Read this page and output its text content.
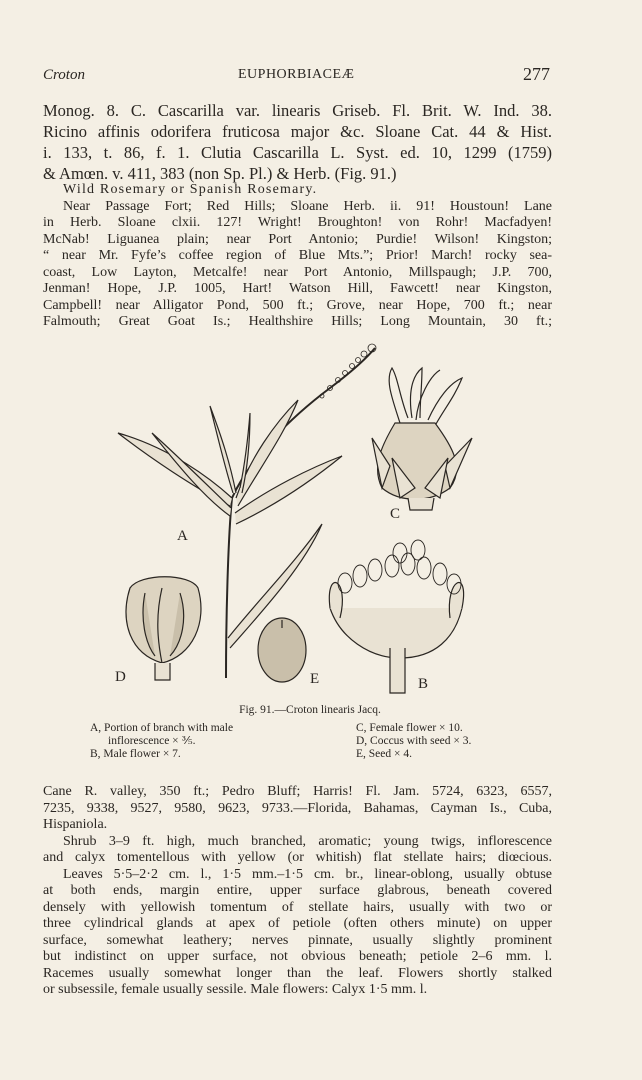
Croton	EUPHORBIACEÆ	277
Monog. 8. C. Cascarilla var. linearis Griseb. Fl. Brit. W. Ind. 38.
Ricino affinis odorifera fruticosa major &c. Sloane Cat. 44 & Hist.
i. 133, t. 86, f. 1. Clutia Cascarilla L. Syst. ed. 10, 1299 (1759)
& Amœn. v. 411, 383 (non Sp. Pl.) & Herb. (Fig. 91.)
Wild Rosemary or Spanish Rosemary.
Near Passage Fort; Red Hills; Sloane Herb. ii. 91! Houstoun! Lane
in Herb. Sloane clxii. 127! Wright! Broughton! von Rohr! Macfadyen!
McNab! Liguanea plain; near Port Antonio; Purdie! Wilson! Kingston;
“ near Mr. Fyfe’s coffee region of Blue Mts.”; Prior! March! rocky sea-
coast, Low Layton, Metcalfe! near Port Antonio, Millspaugh; J.P. 700,
Jenman! Hope, J.P. 1005, Hart! Watson Hill, Fawcett! near Kingston,
Campbell! near Alligator Pond, 500 ft.; Grove, near Hope, 700 ft.; near
Falmouth; Great Goat Is.; Healthshire Hills; Long Mountain, 30 ft.;
A
C
B
D	E
Fig. 91.—Croton linearis Jacq.
A, Portion of branch with male
inflorescence × ⅗.
B, Male flower × 7.
C, Female flower × 10.
D, Coccus with seed × 3.
E, Seed × 4.
Cane R. valley, 350 ft.; Pedro Bluff; Harris! Fl. Jam. 5724, 6323, 6557,
7235, 9338, 9527, 9580, 9623, 9733.—Florida, Bahamas, Cayman Is., Cuba,
Hispaniola.
Shrub 3–9 ft. high, much branched, aromatic; young twigs, inflorescence
and calyx tomentellous with yellow (or whitish) flat stellate hairs; diœcious.
Leaves 5·5–2·2 cm. l., 1·5 mm.–1·5 cm. br., linear-oblong, usually obtuse
at both ends, margin entire, upper surface glabrous, beneath covered
densely with yellowish tomentum of stellate hairs, usually with two or
three cylindrical glands at apex of petiole (often others minute) on upper
surface, somewhat leathery; nerves pinnate, usually slightly prominent
but indistinct on upper surface, not obvious beneath; petiole 2–6 mm. l.
Racemes usually somewhat longer than the leaf. Flowers shortly stalked
or subsessile, female usually sessile. Male flowers: Calyx 1·5 mm. l.
